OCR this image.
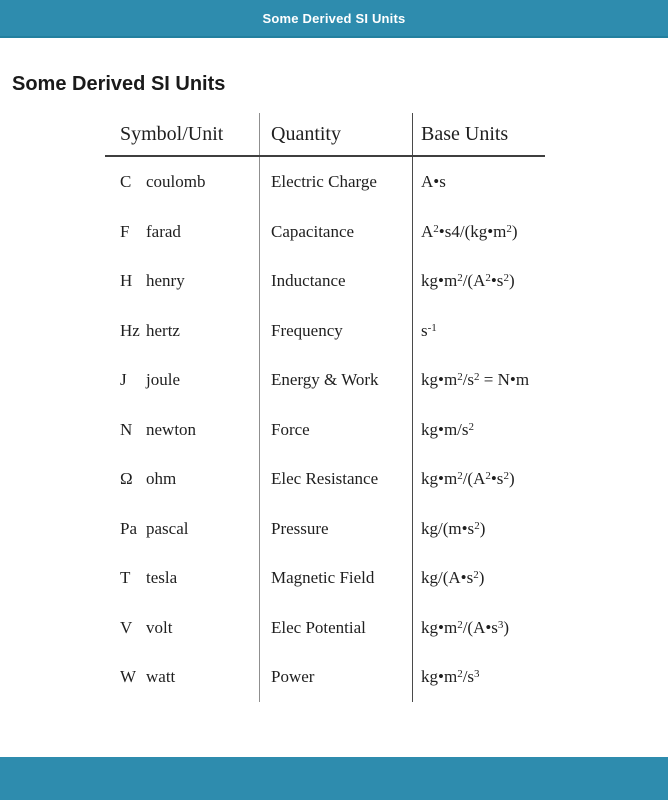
Some Derived SI Units
Some Derived SI Units
Symbol/Unit	Quantity	Base Units
C coulomb	Electric Charge	A•s
F farad	Capacitance	$A^2•s4/(kg•m^2)$
H henry	Inductance	$kg•m^2/(A^2•s^2)$
Hz hertz	Frequency	$s^{-1}$
J joule	Energy & Work	$kg•m^2/s^2$ = N•m
N newton	Force	$kg•m/s^2$
Ω ohm	Elec Resistance	$kg•m^2/(A^2•s^2)$
Pa pascal	Pressure	$kg/(m•s^2)$
T tesla	Magnetic Field	$kg/(A•s^2)$
V volt	Elec Potential	$kg•m^2/(A•s^3)$
W watt	Power	$kg•m^2/s^3$
